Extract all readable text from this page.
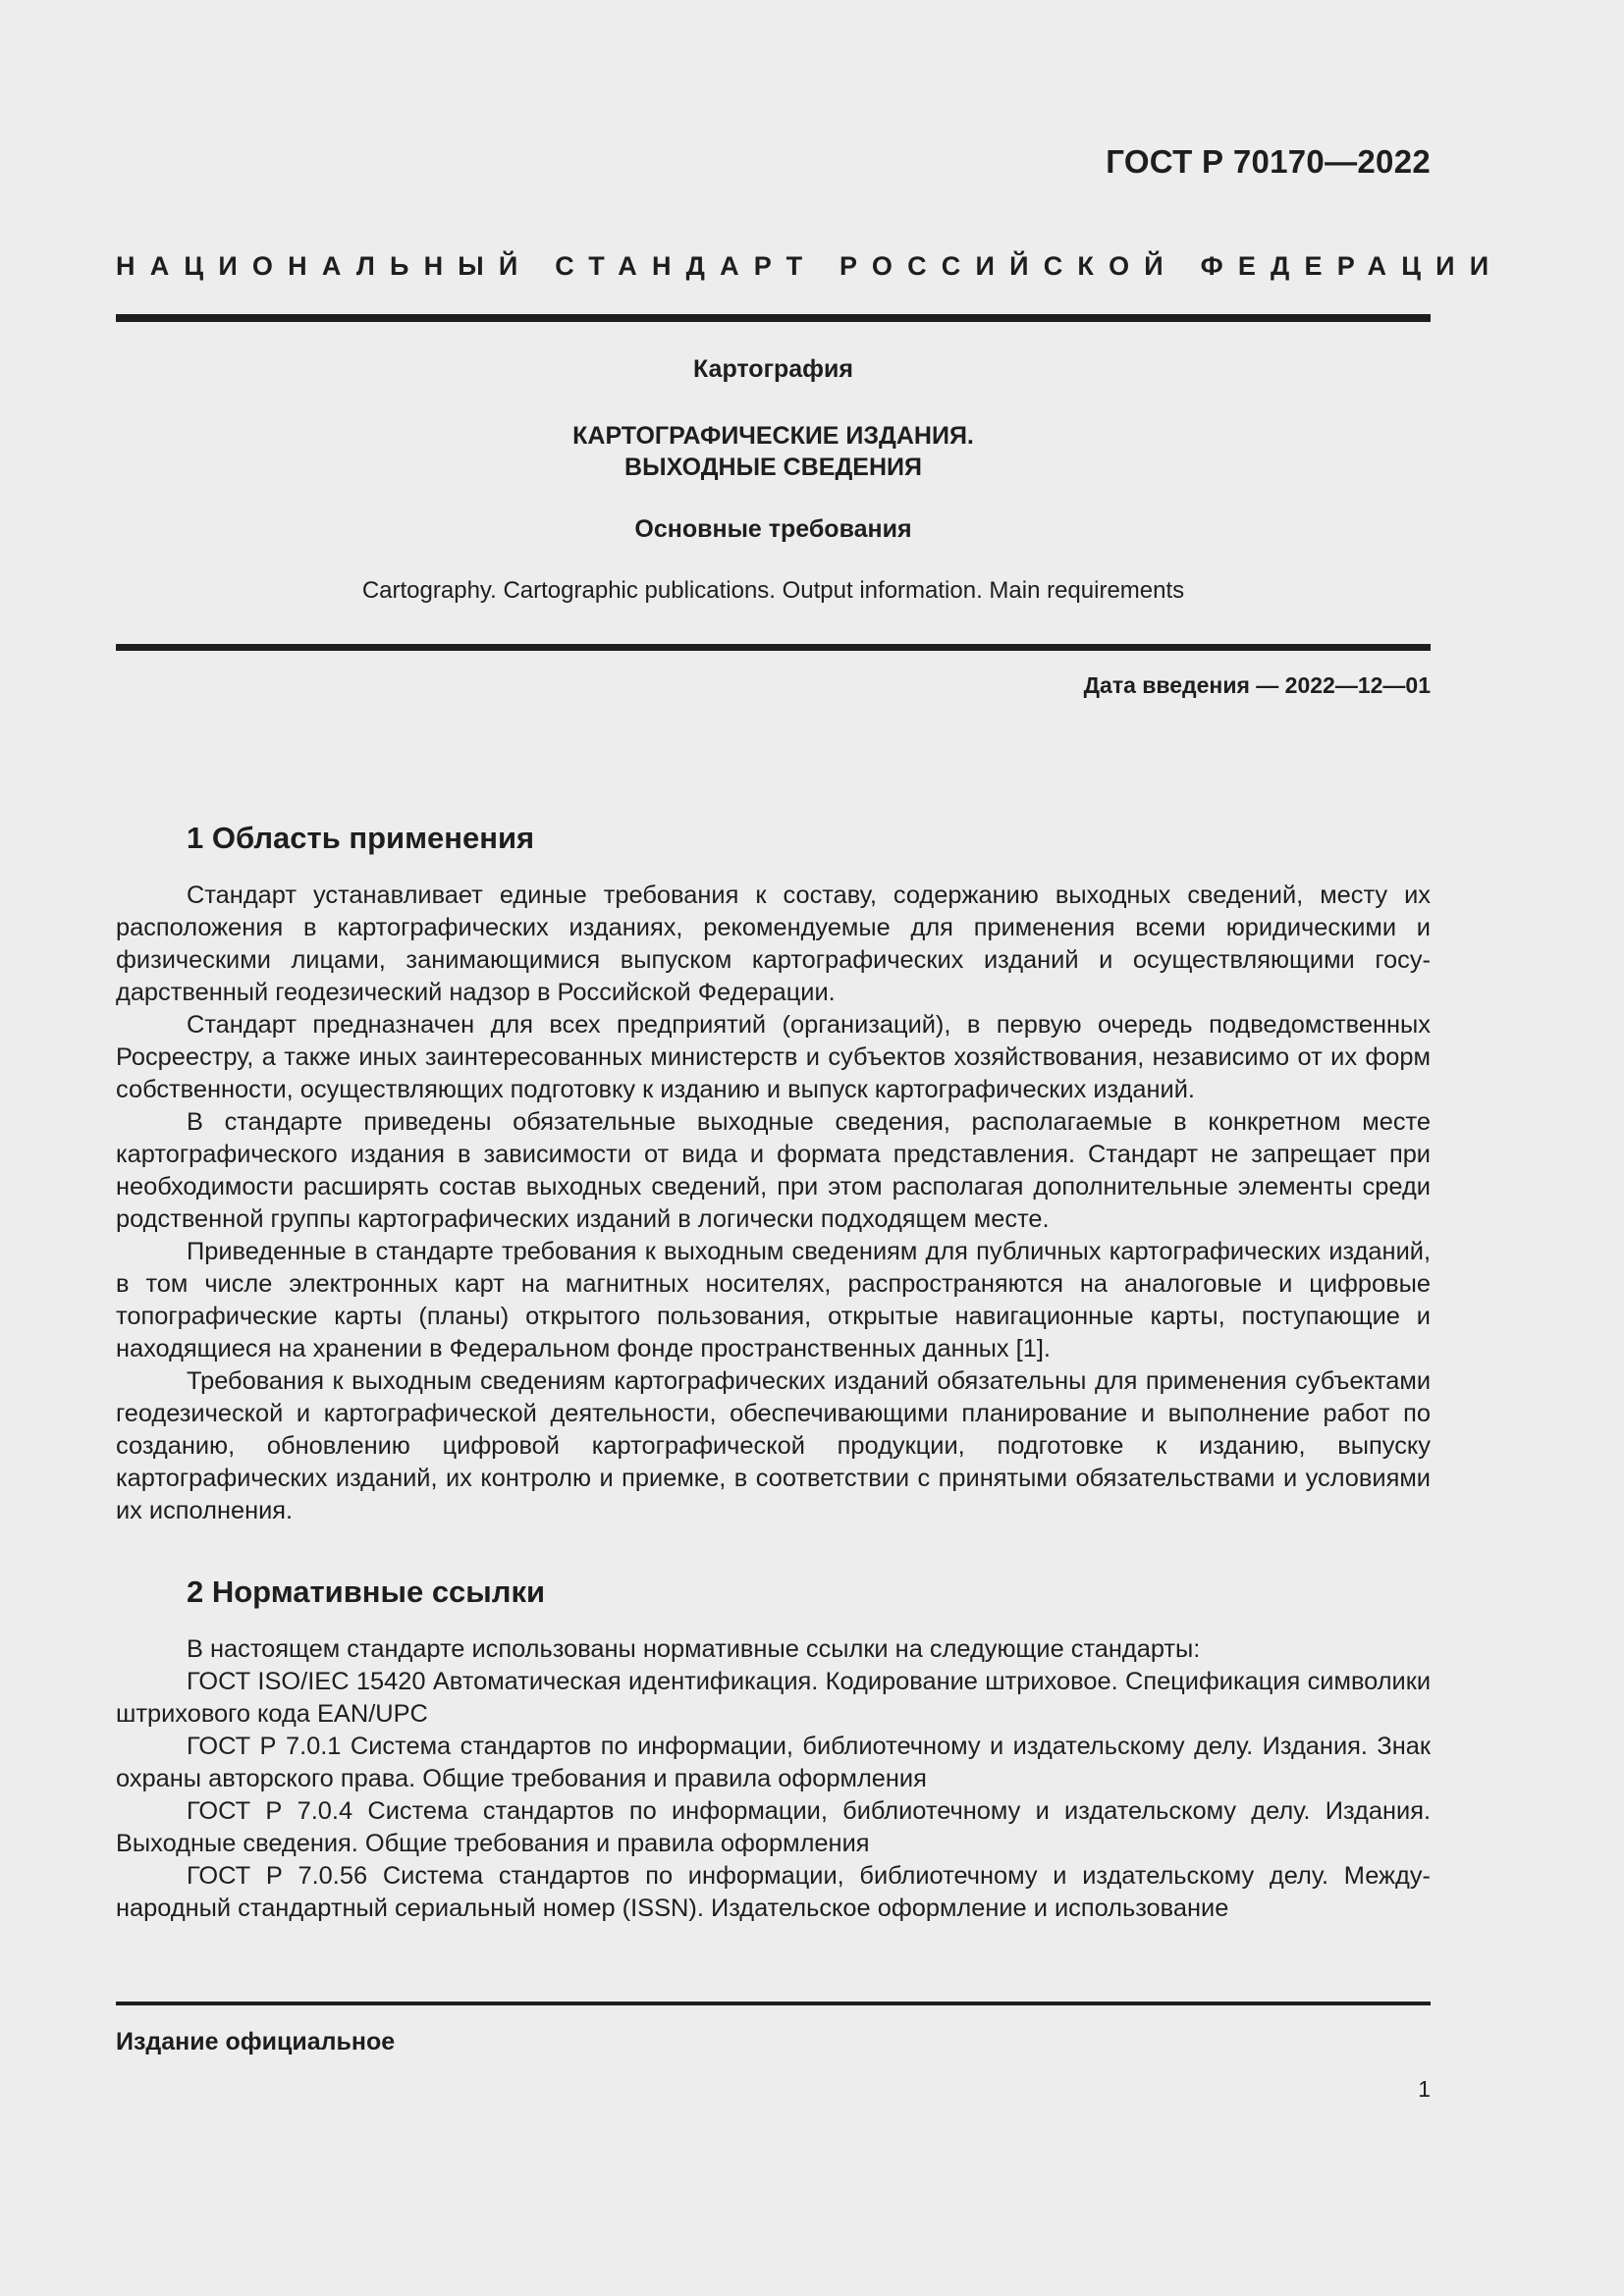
ГОСТ Р 70170—2022
НАЦИОНАЛЬНЫЙ СТАНДАРТ РОССИЙСКОЙ ФЕДЕРАЦИИ
Картография
КАРТОГРАФИЧЕСКИЕ ИЗДАНИЯ.
ВЫХОДНЫЕ СВЕДЕНИЯ
Основные требования
Cartography. Cartographic publications. Output information. Main requirements
Дата введения — 2022—12—01
1 Область применения

Стандарт устанавливает единые требования к составу, содержанию выходных сведений, месту их расположения в картографических изданиях, рекомендуемые для применения всеми юридическими и физическими лицами, занимающимися выпуском картографических изданий и осуществляющими государственный геодезический надзор в Российской Федерации.

Стандарт предназначен для всех предприятий (организаций), в первую очередь подведомственных Росреестру, а также иных заинтересованных министерств и субъектов хозяйствования, независимо от их форм собственности, осуществляющих подготовку к изданию и выпуск картографических изданий.

В стандарте приведены обязательные выходные сведения, располагаемые в конкретном месте картографического издания в зависимости от вида и формата представления. Стандарт не запрещает при необходимости расширять состав выходных сведений, при этом располагая дополнительные элементы среди родственной группы картографических изданий в логически подходящем месте.

Приведенные в стандарте требования к выходным сведениям для публичных картографических изданий, в том числе электронных карт на магнитных носителях, распространяются на аналоговые и цифровые топографические карты (планы) открытого пользования, открытые навигационные карты, поступающие и находящиеся на хранении в Федеральном фонде пространственных данных [1].

Требования к выходным сведениям картографических изданий обязательны для применения субъектами геодезической и картографической деятельности, обеспечивающими планирование и выполнение работ по созданию, обновлению цифровой картографической продукции, подготовке к изданию, выпуску картографических изданий, их контролю и приемке, в соответствии с принятыми обязательствами и условиями их исполнения.

2 Нормативные ссылки

В настоящем стандарте использованы нормативные ссылки на следующие стандарты:

ГОСТ ISO/IEC 15420 Автоматическая идентификация. Кодирование штриховое. Спецификация символики штрихового кода EAN/UPC

ГОСТ Р 7.0.1 Система стандартов по информации, библиотечному и издательскому делу. Издания. Знак охраны авторского права. Общие требования и правила оформления

ГОСТ Р 7.0.4 Система стандартов по информации, библиотечному и издательскому делу. Издания. Выходные сведения. Общие требования и правила оформления

ГОСТ Р 7.0.56 Система стандартов по информации, библиотечному и издательскому делу. Международный стандартный сериальный номер (ISSN). Издательское оформление и использование

Издание официальное
1
